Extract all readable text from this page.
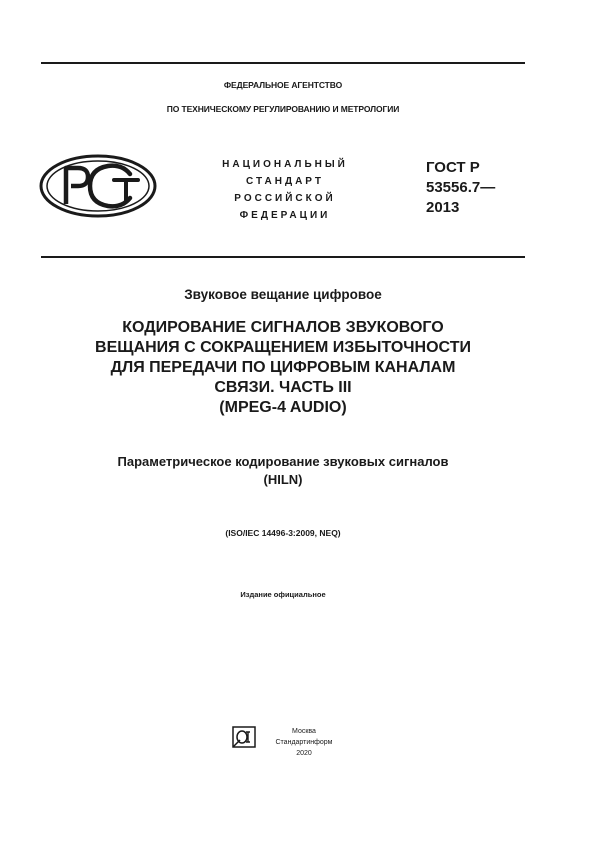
ФЕДЕРАЛЬНОЕ АГЕНТСТВО
ПО ТЕХНИЧЕСКОМУ РЕГУЛИРОВАНИЮ И МЕТРОЛОГИИ
НАЦИОНАЛЬНЫЙ
СТАНДАРТ
РОССИЙСКОЙ
ФЕДЕРАЦИИ
ГОСТ Р
53556.7—
2013
Звуковое вещание цифровое
КОДИРОВАНИЕ СИГНАЛОВ ЗВУКОВОГО
ВЕЩАНИЯ С СОКРАЩЕНИЕМ ИЗБЫТОЧНОСТИ
ДЛЯ ПЕРЕДАЧИ ПО ЦИФРОВЫМ КАНАЛАМ
СВЯЗИ. ЧАСТЬ III
(MPEG-4 AUDIO)
Параметрическое кодирование звуковых сигналов
(HILN)
(ISO/IEC 14496-3:2009, NEQ)
Издание официальное
Москва
Стандартинформ
2020
